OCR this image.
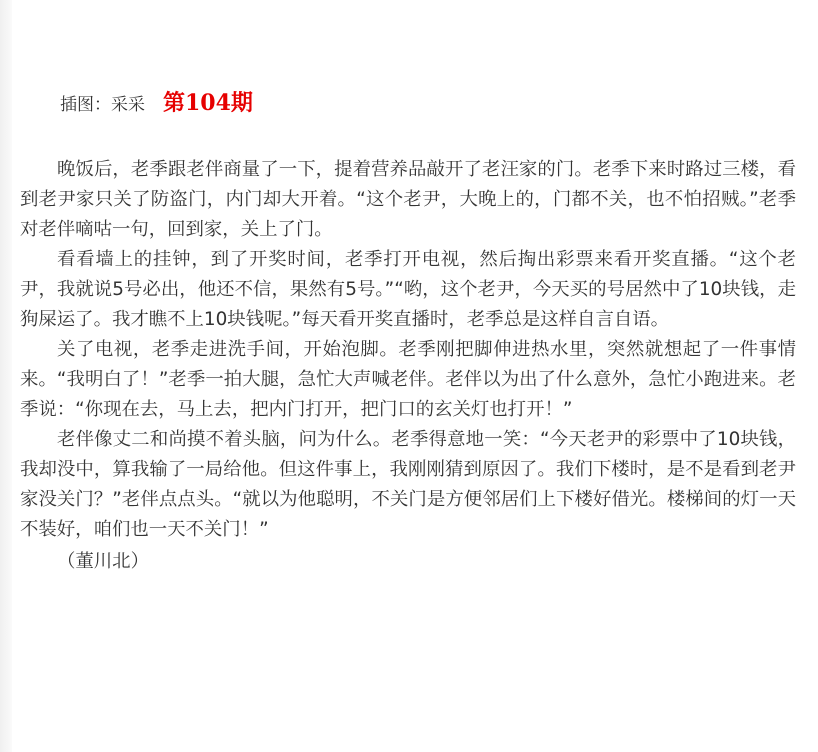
插图：采采 第104期

晚饭后，老季跟老伴商量了一下，提着营养品敲开了老汪家的门。老季下来时路过三楼，看到老尹家只关了防盗门，内门却大开着。“这个老尹，大晚上的，门都不关，也不怕招贼。”老季对老伴嘀咕一句，回到家，关上了门。

看看墙上的挂钟，到了开奖时间，老季打开电视，然后掏出彩票来看开奖直播。“这个老尹，我就说5号必出，他还不信，果然有5号。”“哟，这个老尹，今天买的号居然中了10块钱，走狗屎运了。我才瞧不上10块钱呢。”每天看开奖直播时，老季总是这样自言自语。

关了电视，老季走进洗手间，开始泡脚。老季刚把脚伸进热水里，突然就想起了一件事情来。“我明白了！”老季一拍大腿，急忙大声喊老伴。老伴以为出了什么意外，急忙小跑进来。老季说：“你现在去，马上去，把内门打开，把门口的玄关灯也打开！”

老伴像丈二和尚摸不着头脑，问为什么。老季得意地一笑：“今天老尹的彩票中了10块钱，我却没中，算我输了一局给他。但这件事上，我刚刚猜到原因了。我们下楼时，是不是看到老尹家没关门？”老伴点点头。“就以为他聪明，不关门是方便邻居们上下楼好借光。楼梯间的灯一天不装好，咱们也一天不关门！”

（董川北）
